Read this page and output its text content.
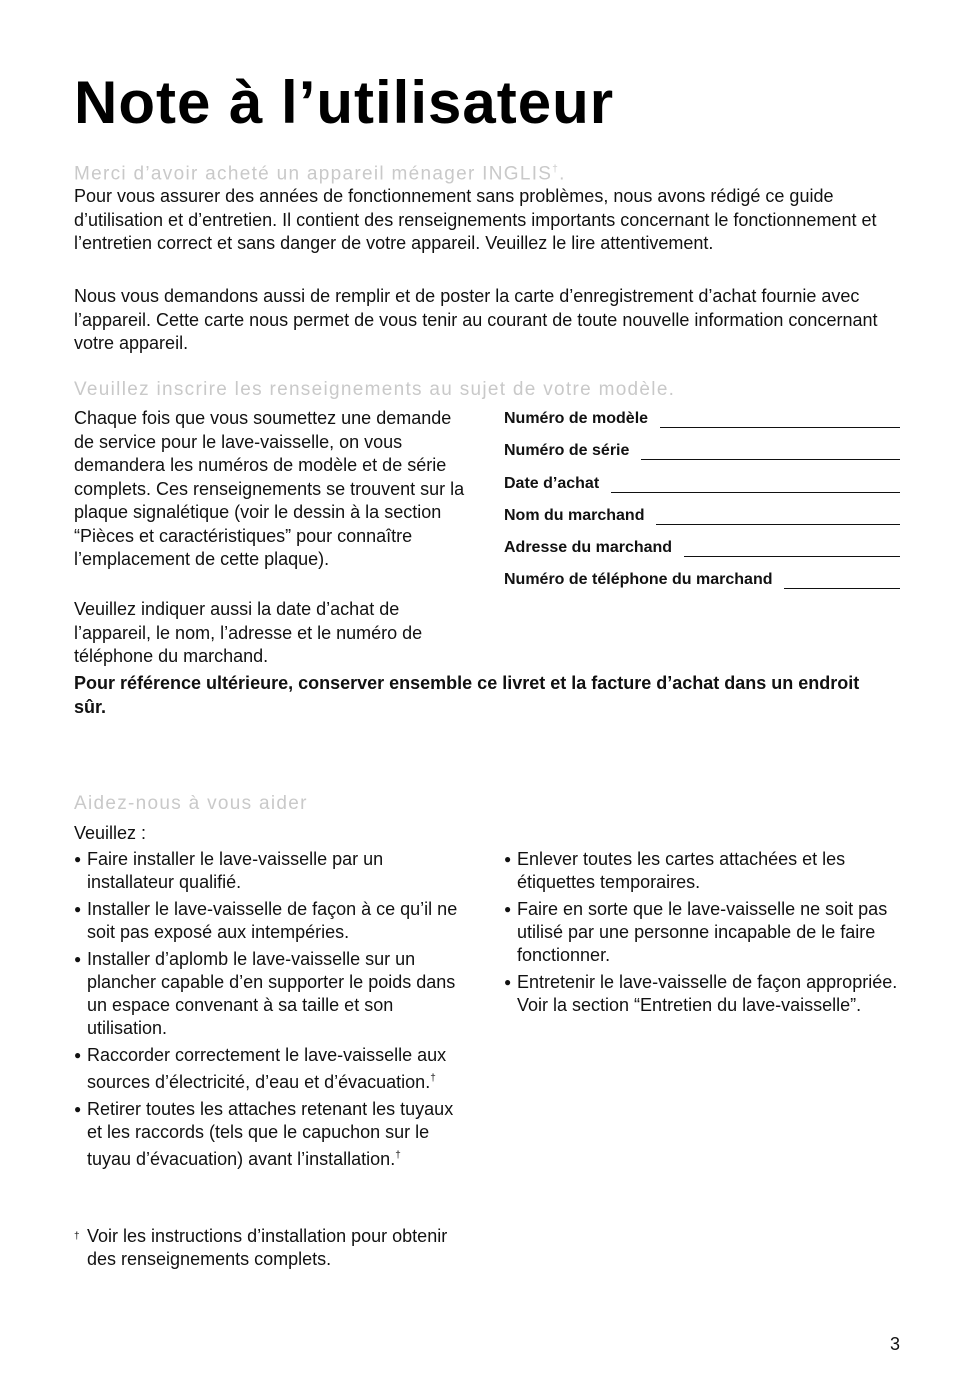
Note à l’utilisateur

Merci d’avoir acheté un appareil ménager INGLIS†.

Pour vous assurer des années de fonctionnement sans problèmes, nous avons rédigé ce guide d’utilisation et d’entretien. Il contient des renseignements importants concernant le fonctionnement et l’entretien correct et sans danger de votre appareil. Veuillez le lire attentivement.

Nous vous demandons aussi de remplir et de poster la carte d’enregistrement d’achat fournie avec l’appareil. Cette carte nous permet de vous tenir au courant de toute nouvelle information concernant votre appareil.

Veuillez inscrire les renseignements au sujet de votre modèle.

Chaque fois que vous soumettez une demande de service pour le lave-vaisselle, on vous demandera les numéros de modèle et de série complets. Ces renseignements se trouvent sur la plaque signalétique (voir le dessin à la section “Pièces et caractéristiques” pour connaître l’emplacement de cette plaque).

Veuillez indiquer aussi la date d’achat de l’appareil, le nom, l’adresse et le numéro de téléphone du marchand.

Numéro de modèle
Numéro de série
Date d’achat
Nom du marchand
Adresse du marchand
Numéro de téléphone du marchand

Pour référence ultérieure, conserver ensemble ce livret et la facture d’achat dans un endroit sûr.

Aidez-nous à vous aider

Veuillez :

● Faire installer le lave-vaisselle par un installateur qualifié.
● Installer le lave-vaisselle de façon à ce qu’il ne soit pas exposé aux intempéries.
● Installer d’aplomb le lave-vaisselle sur un plancher capable d’en supporter le poids dans un espace convenant à sa taille et son utilisation.
● Raccorder correctement le lave-vaisselle aux sources d’électricité, d’eau et d’évacuation.†
● Retirer toutes les attaches retenant les tuyaux et les raccords (tels que le capuchon sur le tuyau d’évacuation) avant l’installation.†
● Enlever toutes les cartes attachées et les étiquettes temporaires.
● Faire en sorte que le lave-vaisselle ne soit pas utilisé par une personne incapable de le faire fonctionner.
● Entretenir le lave-vaisselle de façon appropriée. Voir la section “Entretien du lave-vaisselle”.
† Voir les instructions d’installation pour obtenir des renseignements complets.
3
